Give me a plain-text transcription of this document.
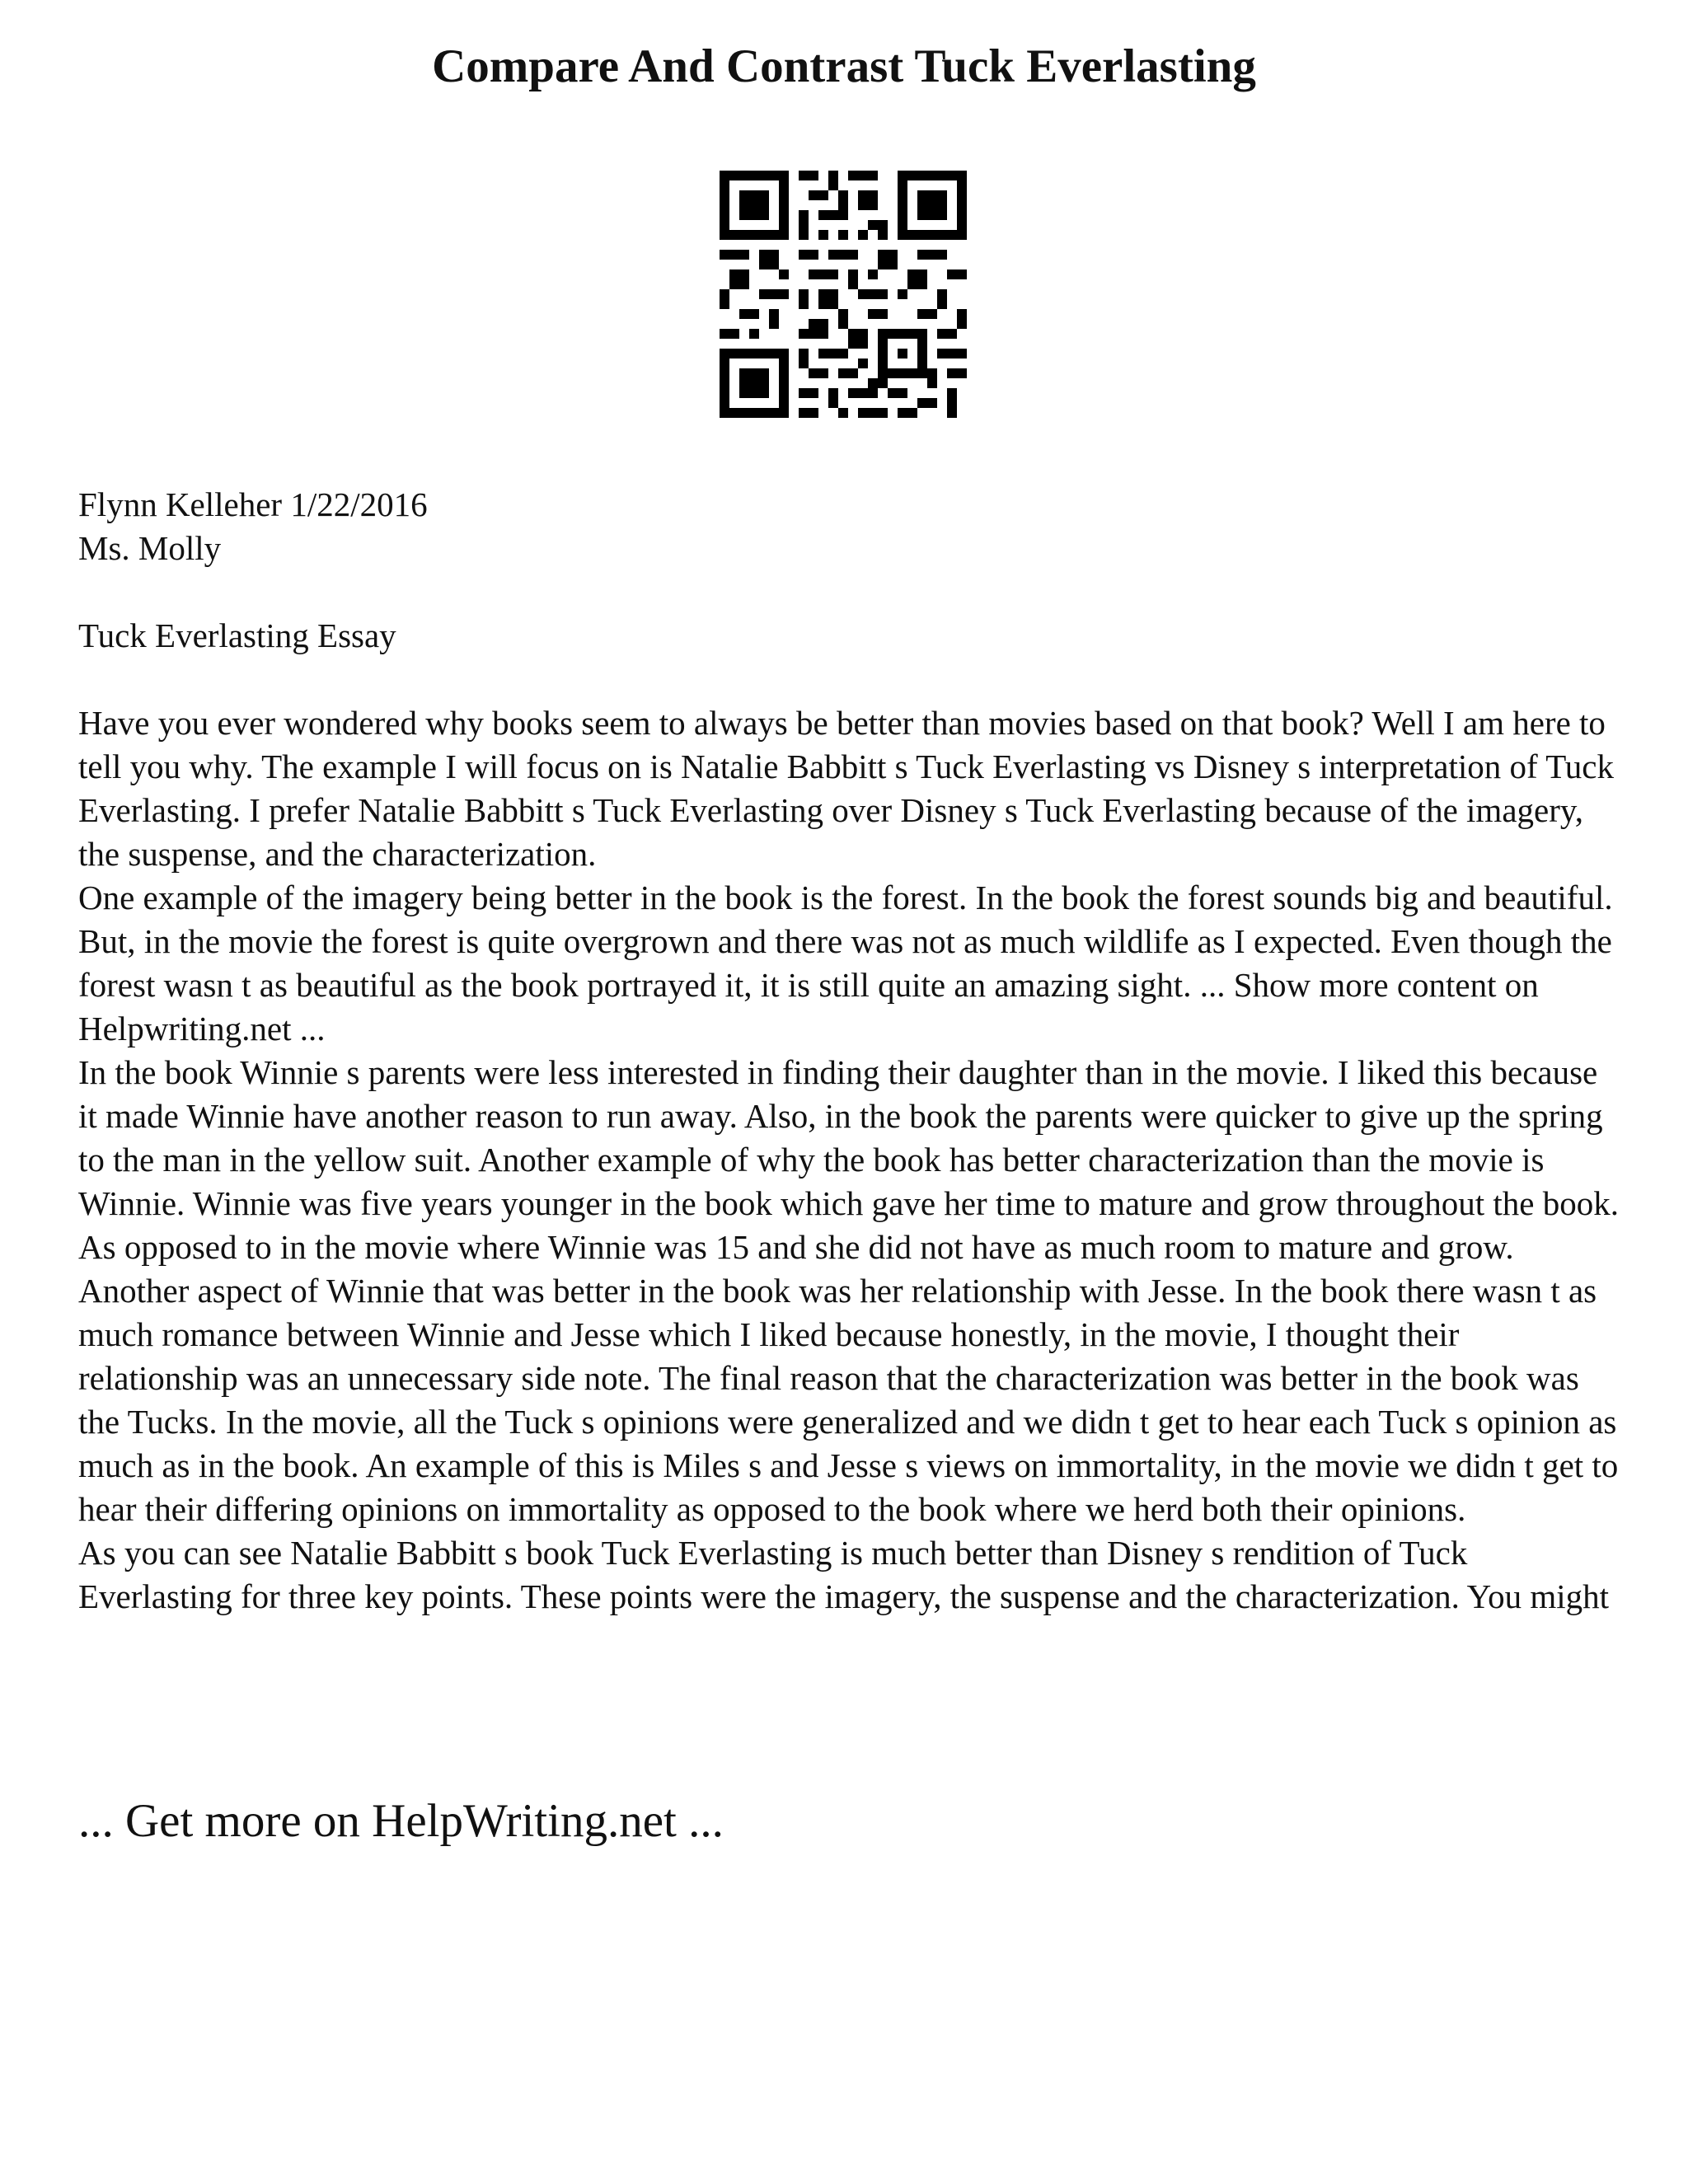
Compare And Contrast Tuck Everlasting

Flynn Kelleher 1/22/2016

Ms. Molly

Tuck Everlasting Essay

Have you ever wondered why books seem to always be better than movies based on that book? Well I am here to tell you why. The example I will focus on is Natalie Babbitt s Tuck Everlasting vs Disney s interpretation of Tuck Everlasting. I prefer Natalie Babbitt s Tuck Everlasting over Disney s Tuck Everlasting because of the imagery, the suspense, and the characterization.

One example of the imagery being better in the book is the forest. In the book the forest sounds big and beautiful. But, in the movie the forest is quite overgrown and there was not as much wildlife as I expected. Even though the forest wasn t as beautiful as the book portrayed it, it is still quite an amazing sight. ... Show more content on Helpwriting.net ...

In the book Winnie s parents were less interested in finding their daughter than in the movie. I liked this because it made Winnie have another reason to run away. Also, in the book the parents were quicker to give up the spring to the man in the yellow suit. Another example of why the book has better characterization than the movie is Winnie. Winnie was five years younger in the book which gave her time to mature and grow throughout the book. As opposed to in the movie where Winnie was 15 and she did not have as much room to mature and grow. Another aspect of Winnie that was better in the book was her relationship with Jesse. In the book there wasn t as much romance between Winnie and Jesse which I liked because honestly, in the movie, I thought their relationship was an unnecessary side note. The final reason that the characterization was better in the book was the Tucks. In the movie, all the Tuck s opinions were generalized and we didn t get to hear each Tuck s opinion as much as in the book. An example of this is Miles s and Jesse s views on immortality, in the movie we didn t get to hear their differing opinions on immortality as opposed to the book where we herd both their opinions.

As you can see Natalie Babbitt s book Tuck Everlasting is much better than Disney s rendition of Tuck Everlasting for three key points. These points were the imagery, the suspense and the characterization. You might

... Get more on HelpWriting.net ...
